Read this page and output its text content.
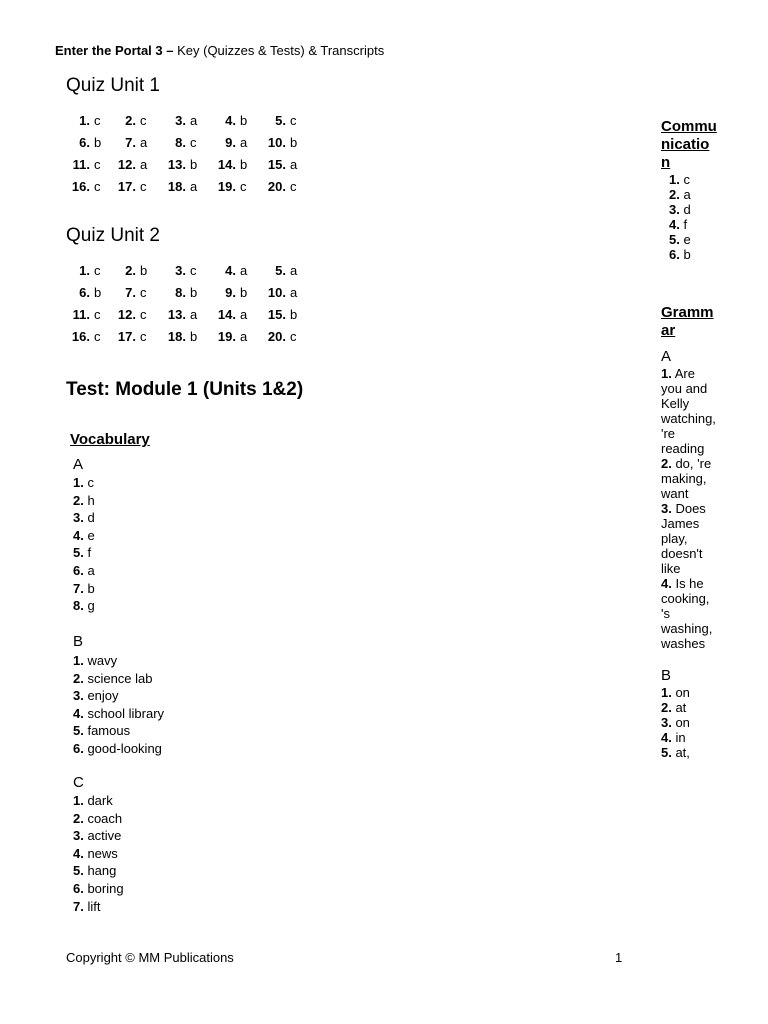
Enter the Portal 3 – Key (Quizzes & Tests) & Transcripts
Quiz Unit 1
1.	c	2.	c	3.	a	4.	b	5.	c
6.	b	7.	a	8.	c	9.	a	10.	b
11.	c	12.	a	13.	b	14.	b	15.	a
16.	c	17.	c	18.	a	19.	c	20.	c
Quiz Unit 2
1.	c	2.	b	3.	c	4.	a	5.	a
6.	b	7.	c	8.	b	9.	b	10.	a
11.	c	12.	c	13.	a	14.	a	15.	b
16.	c	17.	c	18.	b	19.	a	20.	c
Test: Module 1 (Units 1&2)
Vocabulary
A
1. c
2. h
3. d
4. e
5. f
6. a
7. b
8. g
B
1. wavy
2. science lab
3. enjoy
4. school library
5. famous
6. good-looking
C
1. dark
2. coach
3. active
4. news
5. hang
6. boring
7. lift
Communication
1. c
2. a
3. d
4. f
5. e
6. b
Grammar
A
1. Are you and Kelly watching, 're reading
2. do, 're making, want
3. Does James play, doesn't like
4. Is he cooking, 's washing, washes
B
1. on
2. at
3. on
4. in
5. at,
Copyright © MM Publications	1
